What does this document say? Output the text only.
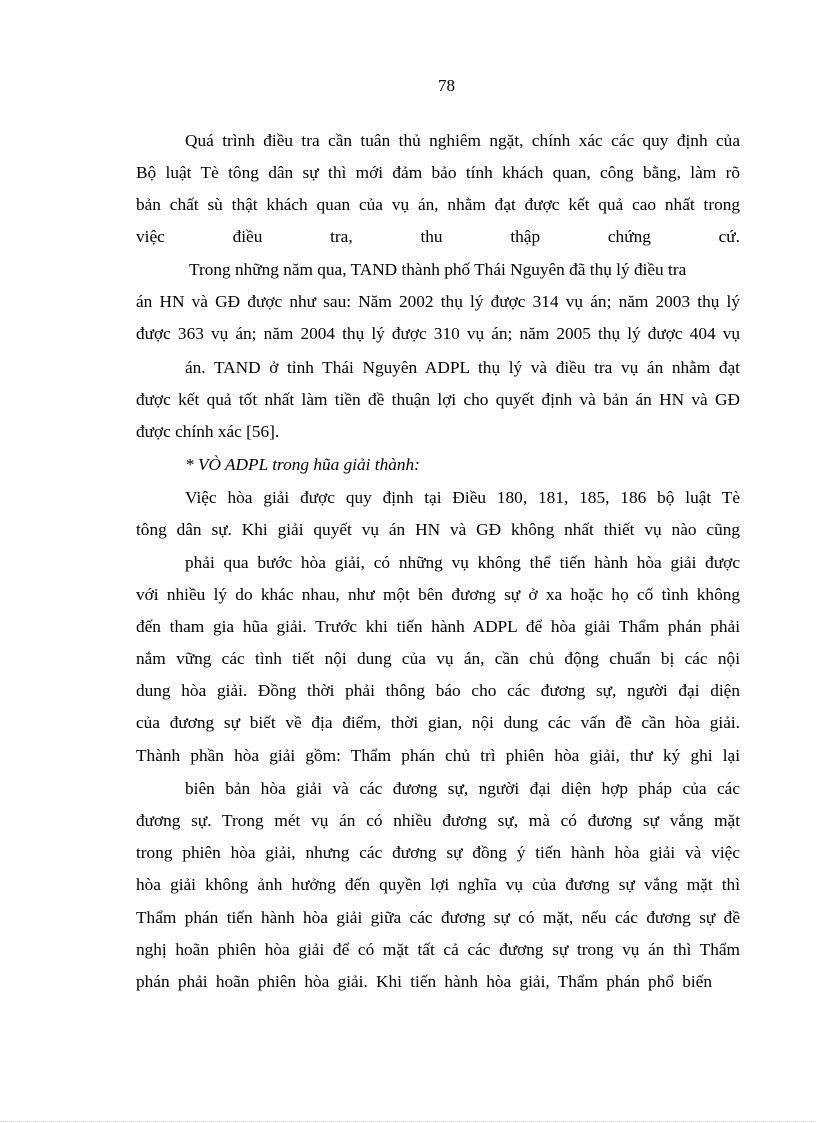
78
Quá trình điều tra cần tuân thủ nghiêm ngặt, chính xác các quy định của
Bộ luật Tè tông dân sự thì mới đảm bảo tính khách quan, công bằng, làm rõ
bản chất sù thật khách quan của vụ án, nhằm đạt được kết quả cao nhất trong
việc điều tra, thu thập chứng cứ.
Trong những năm qua, TAND thành phố Thái Nguyên đã thụ lý điều tra
án HN và GĐ được như sau: Năm 2002 thụ lý được 314 vụ án; năm 2003 thụ lý
được 363 vụ án; năm 2004 thụ lý được 310 vụ án; năm 2005 thụ lý được 404 vụ
án. TAND ở tỉnh Thái Nguyên ADPL thụ lý và điều tra vụ án nhằm đạt
được kết quả tốt nhất làm tiền đề thuận lợi cho quyết định và bản án HN và GĐ
được chính xác [56].
* VÒ ADPL trong hũa giải thành:
Việc hòa giải được quy định tại Điều 180, 181, 185, 186 bộ luật Tè
tông dân sự. Khi giải quyết vụ án HN và GĐ không nhất thiết vụ nào cũng
phải qua bước hòa giải, có những vụ không thể tiến hành hòa giải được
với nhiều lý do khác nhau, như một bên đương sự ở xa hoặc họ cố tình không
đến tham gia hũa giải. Trước khi tiến hành ADPL để hòa giải Thẩm phán phải
nắm vững các tình tiết nội dung của vụ án, cần chủ động chuẩn bị các nội
dung hòa giải. Đồng thời phải thông báo cho các đương sự, người đại diện
của đương sự biết về địa điểm, thời gian, nội dung các vấn đề cần hòa giải.
Thành phần hòa giải gồm: Thẩm phán chủ trì phiên hòa giải, thư ký ghi lại
biên bản hòa giải và các đương sự, người đại diện hợp pháp của các
đương sự. Trong mét vụ án có nhiều đương sự, mà có đương sự vắng mặt
trong phiên hòa giải, nhưng các đương sự đồng ý tiến hành hòa giải và việc
hòa giải không ảnh hưởng đến quyền lợi nghĩa vụ của đương sự vắng mặt thì
Thẩm phán tiến hành hòa giải giữa các đương sự có mặt, nếu các đương sự đề
nghị hoãn phiên hòa giải để có mặt tất cả các đương sự trong vụ án thì Thẩm
phán phải hoãn phiên hòa giải. Khi tiến hành hòa giải, Thẩm phán phổ biến
